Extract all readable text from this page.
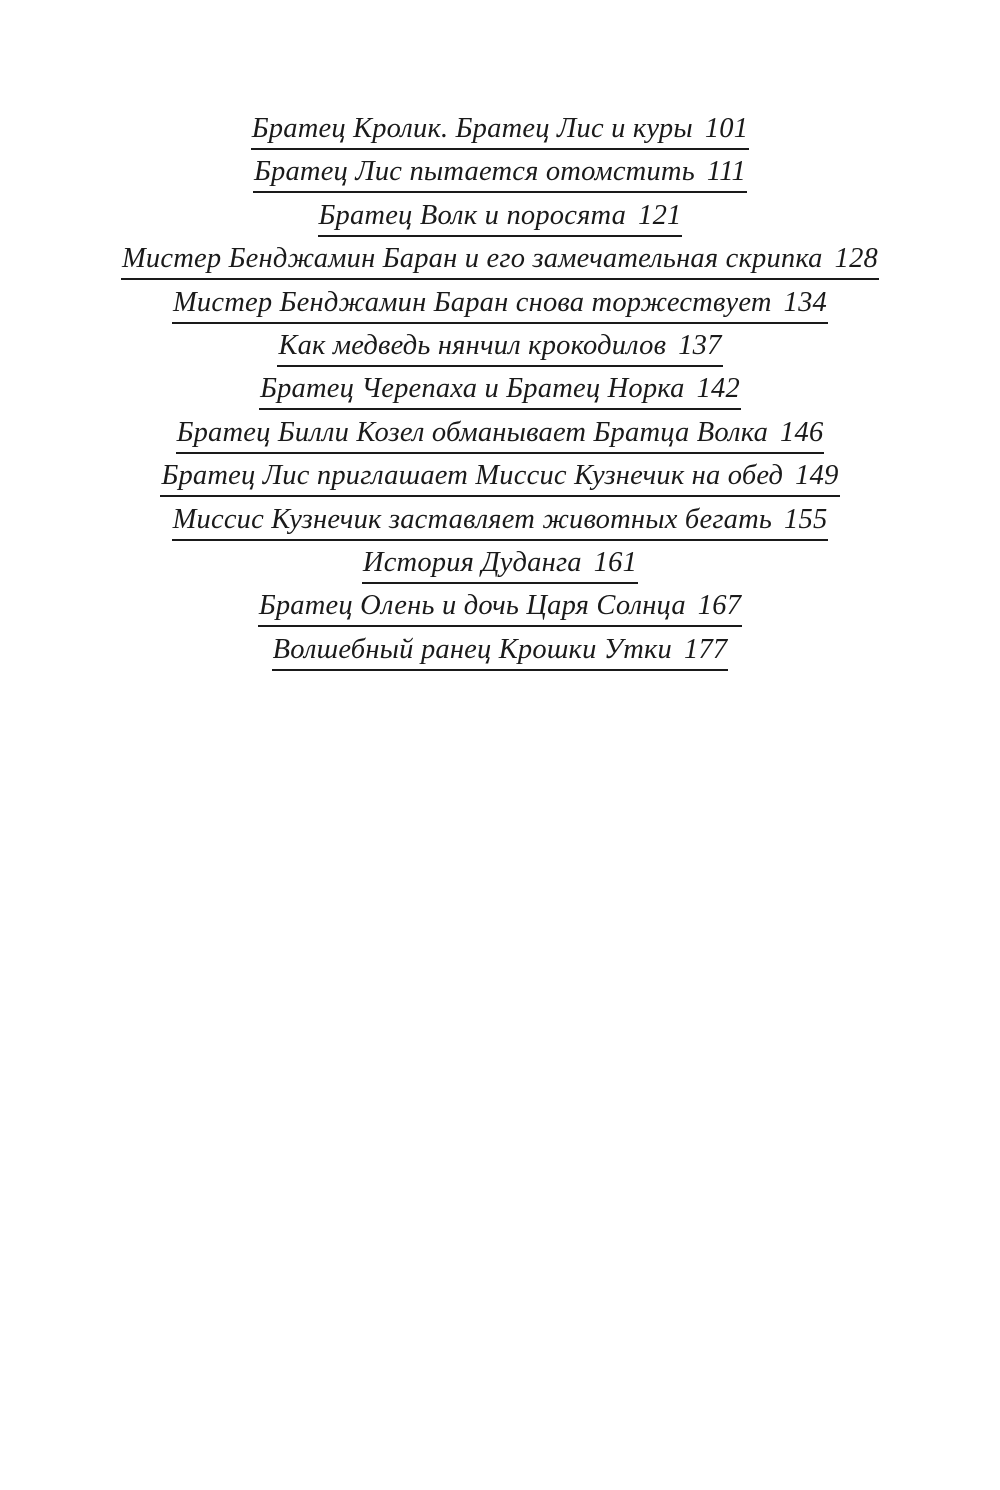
Братец Кролик. Братец Лис и куры 101
Братец Лис пытается отомстить 111
Братец Волк и поросята 121
Мистер Бенджамин Баран и его замечательная скрипка 128
Мистер Бенджамин Баран снова торжествует 134
Как медведь нянчил крокодилов 137
Братец Черепаха и Братец Норка 142
Братец Билли Козел обманывает Братца Волка 146
Братец Лис приглашает Миссис Кузнечик на обед 149
Миссис Кузнечик заставляет животных бегать 155
История Дуданга 161
Братец Олень и дочь Царя Солнца 167
Волшебный ранец Крошки Утки 177
